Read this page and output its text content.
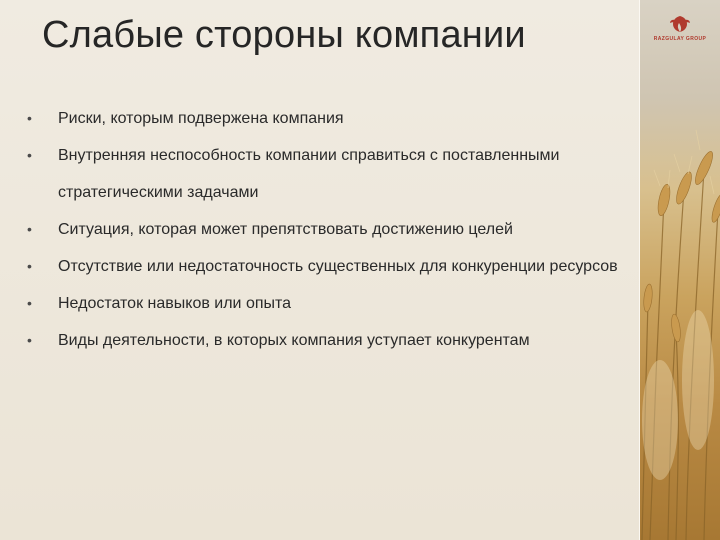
Слабые стороны компании
• Риски, которым подвержена компания
• Внутренняя неспособность компании справиться с поставленными стратегическими задачами
• Ситуация, которая может препятствовать достижению целей
• Отсутствие или недостаточность существенных для конкуренции ресурсов
• Недостаток навыков или опыта
• Виды деятельности, в которых компания уступает конкурентам
RAZGULAY GROUP
